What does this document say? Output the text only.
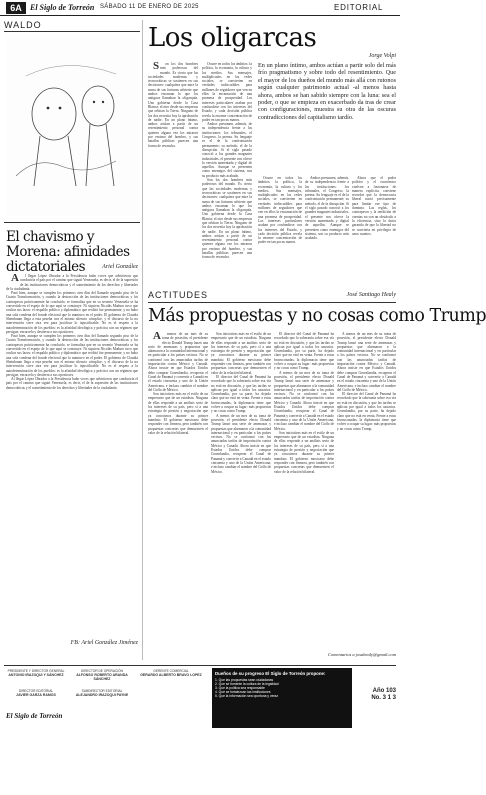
6A	El Siglo de Torreón SÁBADO 11 DE ENERO DE 2025	EDITORIAL
WALDO
El chavismo y Morena: afinidades dictatoriales	Ariel González

Al llegar López Obrador a la Presidencia hubo voces que advirtieron que conduciría el país por el camino que siguió Venezuela, es decir, el de la supresión de las instituciones democráticas y el sometimiento de los derechos y libertades de la ciudadanía.

Pasó bien, aunque se cumplen los primeros cien días del llamado segundo piso de la Cuarta Transformación, y cuando la destrucción de las instituciones democráticas y los contrapesos prácticamente ha concluido, se formaliza que en su sexenio Venezuela se ha convertido en el espejo de lo que aquí se construye. Ni siquiera Nicolás Maduro tuvo que ocultar sus lazos: el respaldo político y diplomático que recibió fue permanente, y no hubo una sola condena del fraude electoral que lo mantuvo en el poder. El gobierno de Claudia Sheinbaum llega a esta prueba con el mismo silencio cómplice, y el discurso de la no intervención sirve otra vez para justificar lo injustificable. No es el respeto a la autodeterminación de los pueblos: es la afinidad ideológica y práctica con un régimen que persigue, encarcela y destierra a sus opositores.

Pasó bien, aunque se cumplen los primeros cien días del llamado segundo piso de la Cuarta Transformación, y cuando la destrucción de las instituciones democráticas y los contrapesos prácticamente ha concluido, se formaliza que en su sexenio Venezuela se ha convertido en el espejo de lo que aquí se construye. Ni siquiera Nicolás Maduro tuvo que ocultar sus lazos: el respaldo político y diplomático que recibió fue permanente, y no hubo una sola condena del fraude electoral que lo mantuvo en el poder. El gobierno de Claudia Sheinbaum llega a esta prueba con el mismo silencio cómplice, y el discurso de la no intervención sirve otra vez para justificar lo injustificable. No es el respeto a la autodeterminación de los pueblos: es la afinidad ideológica y práctica con un régimen que persigue, encarcela y destierra a sus opositores.

Al llegar López Obrador a la Presidencia hubo voces que advirtieron que conduciría el país por el camino que siguió Venezuela, es decir, el de la supresión de las instituciones democráticas y el sometimiento de los derechos y libertades de la ciudadanía.

FB: Ariel González Jiménez
Los oligarcas
Jorge Volpi

Son los dos hombres más poderosos del mundo. Es cierto que las sociedades modernas y tecnocráticas se sostienen en sus decisiones: cualquiera que mire la suma de sus fortunas advierte que ambos encarnan lo que los antiguos llamaban la oligarquía. Uno gobierna desde la Casa Blanca; el otro desde sus empresas que orbitan la Tierra. Ninguno de los dos necesita hoy la aprobación de nadie. En un plano íntimo, ambos actúan a partir de un resentimiento personal contra quienes alguna vez los miraron por encima del hombro, y sus batallas públicas parecen una forma de revancha.

Ocurre en todos los ámbitos: la política, la economía, la cultura y los medios. Sus mensajes, multiplicados en las redes sociales, se convierten en verdades indiscutibles para millones de seguidores que ven en ellos la encarnación de una promesa de prosperidad. Los intereses particulares acaban por confundirse con los intereses del Estado, y cada decisión pública revela la enorme concentración de poder en tan pocas manos.

Ambos presumen, además, de su independencia frente a las instituciones: los tribunales, el Congreso, la prensa. Su lenguaje es el de la confrontación permanente; su método, el de la disrupción. Si el siglo pasado conoció a los grandes magnates industriales, el presente nos ofrece la versión aumentada y digital de aquellos. Aunque se presenten como enemigos del sistema, son su producto más acabado.

Son los dos hombres más poderosos del mundo. Es cierto que las sociedades modernas y tecnocráticas se sostienen en sus decisiones: cualquiera que mire la suma de sus fortunas advierte que ambos encarnan lo que los antiguos llamaban la oligarquía. Uno gobierna desde la Casa Blanca; el otro desde sus empresas que orbitan la Tierra. Ninguno de los dos necesita hoy la aprobación de nadie. En un plano íntimo, ambos actúan a partir de un resentimiento personal contra quienes alguna vez los miraron por encima del hombro, y sus batallas públicas parecen una forma de revancha.

En un plano íntimo, ambos actúan a partir solo del más frío pragmatismo y sobre todo del resentimiento. Que el mayor de los dueños del mundo más allá con rutonos según cualquier patrimonio actual -al menos hasta ahora, ambos se han sabido siempre con la luna: sea el poder, o que se empieza en exacerbado da tras de crear con configuraciones, muestra su otra de las oscuras contradicciones del capitalismo tardío.

Ocurre en todos los ámbitos: la política, la economía, la cultura y los medios. Sus mensajes, multiplicados en las redes sociales, se convierten en verdades indiscutibles para millones de seguidores que ven en ellos la encarnación de una promesa de prosperidad. Los intereses particulares acaban por confundirse con los intereses del Estado, y cada decisión pública revela la enorme concentración de poder en tan pocas manos.

Ambos presumen, además, de su independencia frente a las instituciones: los tribunales, el Congreso, la prensa. Su lenguaje es el de la confrontación permanente; su método, el de la disrupción. Si el siglo pasado conoció a los grandes magnates industriales, el presente nos ofrece la versión aumentada y digital de aquellos. Aunque se presenten como enemigos del sistema, son su producto más acabado.

Ahora que el poder político y el económico vuelven a fusionarse de manera explícita, conviene recordar que la democracia liberal nació precisamente para limitar ese tipo de dominio. Las reglas, los contrapesos y la rendición de cuentas no son un obstáculo a la eficiencia, sino la única garantía de que la libertad no se convierta en privilegio de unos cuantos.

ACTITUDES	José Santiago Healy
Más propuestas y no cosas como Trump

Amenos de un mes de su toma de posesión, el presidente electo Donald Trump lanzó una serie de amenazas y propuestas que alarmaron a la comunidad internacional y en particular a los países vecinos. No se conformó con las anunciadas tarifas de importación contra México y Canadá. Ahora insiste en que Estados Unidos debe comprar Groenlandia, recuperar el Canal de Panamá y convertir a Canadá en el estado cincuenta y uno de la Unión Americana, e incluso cambiar el nombre del Golfo de México.

Son iniciativas más en el estilo de un empresario que de un estadista. Ninguna de ellas responde a un análisis serio de los intereses de su país, pero sí a una estrategia de presión y negociación que ya conocimos durante su primer mandato. El gobierno mexicano debe responder con firmeza, pero también con propuestas concretas que demuestren el valor de la relación bilateral.

Son iniciativas más en el estilo de un empresario que de un estadista. Ninguna de ellas responde a un análisis serio de los intereses de su país, pero sí a una estrategia de presión y negociación que ya conocimos durante su primer mandato. El gobierno mexicano debe responder con firmeza, pero también con propuestas concretas que demuestren el valor de la relación bilateral.

El director del Canal de Panamá ha recordado que la soberanía sobre esa vía no está en discusión, y que las tarifas se aplican por igual a todos los usuarios. Groenlandia, por su parte, ha dejado claro que no está en venta. Frente a estas bravuconadas, la diplomacia tiene que volver a ocupar su lugar: más propuestas y no cosas como Trump.

A menos de un mes de su toma de posesión, el presidente electo Donald Trump lanzó una serie de amenazas y propuestas que alarmaron a la comunidad internacional y en particular a los países vecinos. No se conformó con las anunciadas tarifas de importación contra México y Canadá. Ahora insiste en que Estados Unidos debe comprar Groenlandia, recuperar el Canal de Panamá y convertir a Canadá en el estado cincuenta y uno de la Unión Americana, e incluso cambiar el nombre del Golfo de México.

El director del Canal de Panamá ha recordado que la soberanía sobre esa vía no está en discusión, y que las tarifas se aplican por igual a todos los usuarios. Groenlandia, por su parte, ha dejado claro que no está en venta. Frente a estas bravuconadas, la diplomacia tiene que volver a ocupar su lugar: más propuestas y no cosas como Trump.

A menos de un mes de su toma de posesión, el presidente electo Donald Trump lanzó una serie de amenazas y propuestas que alarmaron a la comunidad internacional y en particular a los países vecinos. No se conformó con las anunciadas tarifas de importación contra México y Canadá. Ahora insiste en que Estados Unidos debe comprar Groenlandia, recuperar el Canal de Panamá y convertir a Canadá en el estado cincuenta y uno de la Unión Americana, e incluso cambiar el nombre del Golfo de México.

Son iniciativas más en el estilo de un empresario que de un estadista. Ninguna de ellas responde a un análisis serio de los intereses de su país, pero sí a una estrategia de presión y negociación que ya conocimos durante su primer mandato. El gobierno mexicano debe responder con firmeza, pero también con propuestas concretas que demuestren el valor de la relación bilateral.

A menos de un mes de su toma de posesión, el presidente electo Donald Trump lanzó una serie de amenazas y propuestas que alarmaron a la comunidad internacional y en particular a los países vecinos. No se conformó con las anunciadas tarifas de importación contra México y Canadá. Ahora insiste en que Estados Unidos debe comprar Groenlandia, recuperar el Canal de Panamá y convertir a Canadá en el estado cincuenta y uno de la Unión Americana, e incluso cambiar el nombre del Golfo de México.

El director del Canal de Panamá ha recordado que la soberanía sobre esa vía no está en discusión, y que las tarifas se aplican por igual a todos los usuarios. Groenlandia, por su parte, ha dejado claro que no está en venta. Frente a estas bravuconadas, la diplomacia tiene que volver a ocupar su lugar: más propuestas y no cosas como Trump.

Comentarios a josahealy@gmail.com
PRESIDENTE Y DIRECTOR GENERAL
ANTONIO IRAZOQUI Y SÁNCHEZ
DIRECTOR EDITORIAL
JAVIER GARZA RAMOS
DIRECTOR DE OPERACIÓN
ALFONSO ROBERTO ARANDA SÁNCHEZ
SUBDIRECTOR EDITORIAL
ALEJANDRO IRAZOQUI PAYNE
GERENTE COMERCIAL
GERARDO ALBERTO BRAVO LOPEZ
El Siglo de Torreón
Dueños de su progreso El Siglo de Torreón propone:
1. Que las propuestas sean ciudadanas
2. Que se fomente la cultura de la legalidad
3. Que la política sea responsable
4. Que se fortalezcan las instituciones
5. Que la información sea oportuna y veraz
Año 103
No. 3 1 3
